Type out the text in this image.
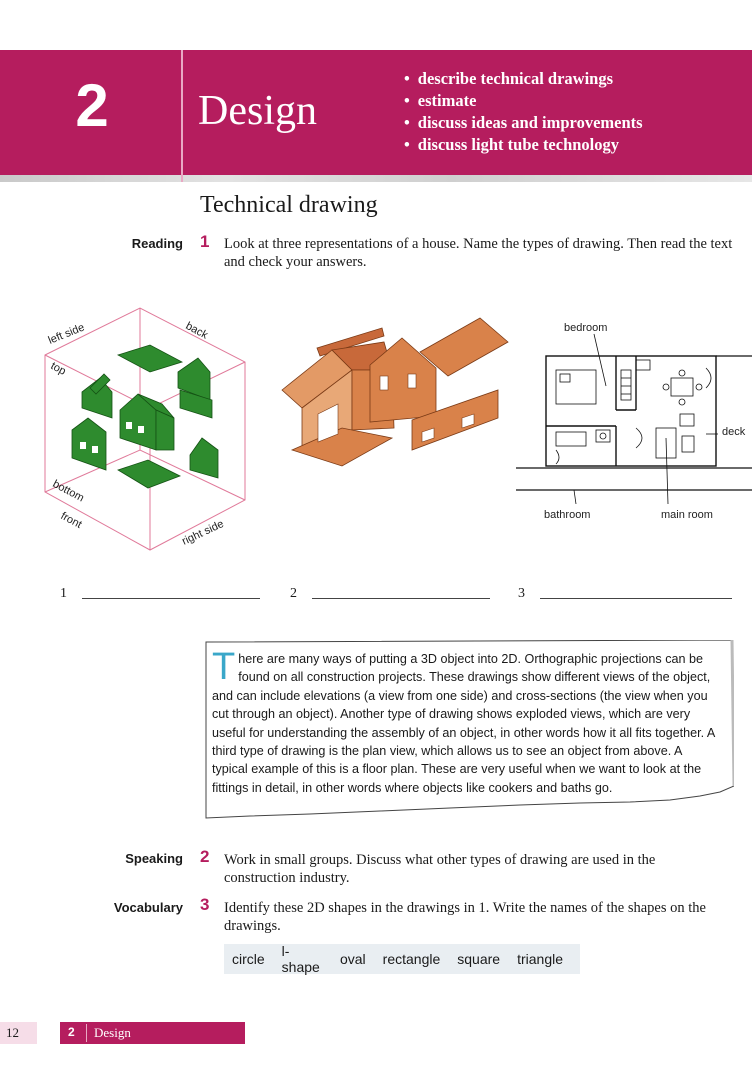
2	Design
• describe technical drawings
• estimate
• discuss ideas and improvements
• discuss light tube technology
Technical drawing
Reading 1 Look at three representations of a house. Name the types of drawing. Then read the text and check your answers.
left side	back
top
bottom
front	right side
bedroom
deck
bathroom	main room
1	2	3
T here are many ways of putting a 3D object into 2D. Orthographic projections can be found on all construction projects. These drawings show different views of the object, and can include elevations (a view from one side) and cross-sections (the view when you cut through an object). Another type of drawing shows exploded views, which are very useful for understanding the assembly of an object, in other words how it all fits together. A third type of drawing is the plan view, which allows us to see an object from above. A typical example of this is a floor plan. These are very useful when we want to look at the fittings in detail, in other words where objects like cookers and baths go.
Speaking 2 Work in small groups. Discuss what other types of drawing are used in the construction industry.
Vocabulary 3 Identify these 2D shapes in the drawings in 1. Write the names of the shapes on the drawings.
circle l-shape oval rectangle square triangle
12	2 Design
